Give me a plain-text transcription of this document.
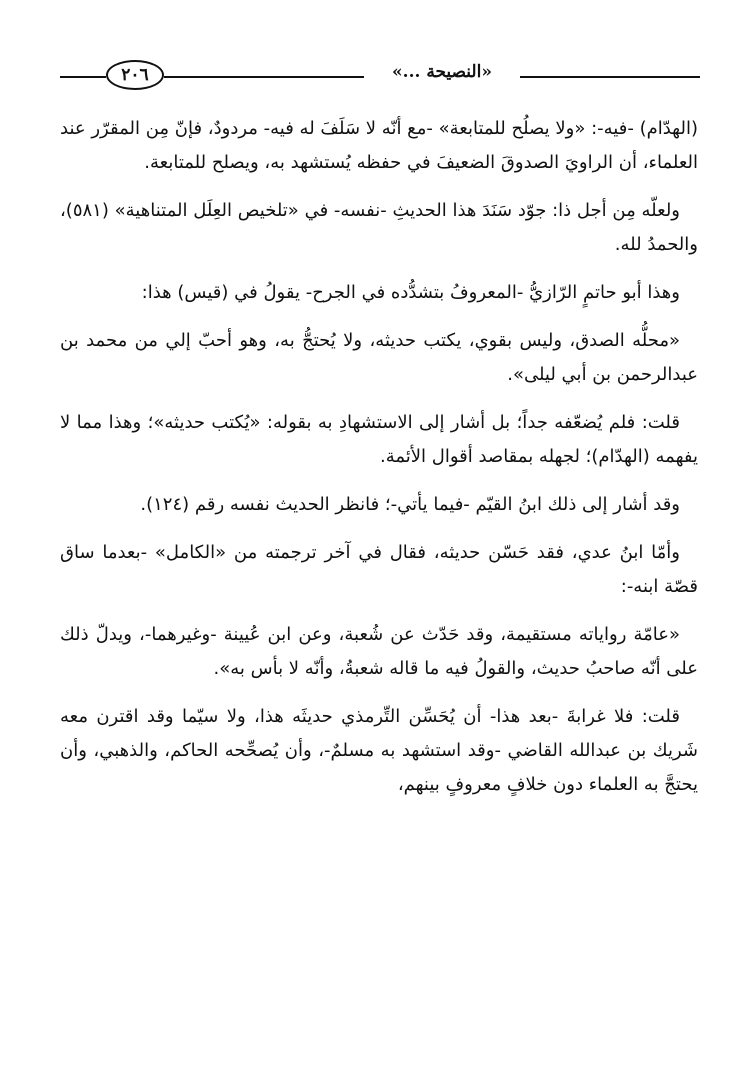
٢٠٦	«النصيحة ...»

(الهدّام) -فيه-: «ولا يصلُح للمتابعة» -مع أنّه لا سَلَفَ له فيه- مردودٌ، فإنّ مِن المقرّر عند العلماء، أن الراويَ الصدوقَ الضعيفَ في حفظه يُستشهد به، ويصلح للمتابعة.

ولعلّه مِن أجل ذا: جوّد سَنَدَ هذا الحديثِ -نفسه- في «تلخيص العِلَل المتناهية» (٥٨١)، والحمدُ لله.

وهذا أبو حاتمٍ الرّازيُّ -المعروفُ بتشدُّده في الجرح- يقولُ في (قيس) هذا:

«محلُّه الصدق، وليس بقوي، يكتب حديثه، ولا يُحتجُّ به، وهو أحبّ إلي من محمد بن عبدالرحمن بن أبي ليلى».

قلت: فلم يُضعّفه جداً؛ بل أشار إلى الاستشهادِ به بقوله: «يُكتب حديثه»؛ وهذا مما لا يفهمه (الهدّام)؛ لجهله بمقاصد أقوال الأئمة.

وقد أشار إلى ذلك ابنُ القيّم -فيما يأتي-؛ فانظر الحديث نفسه رقم (١٢٤).

وأمّا ابنُ عدي، فقد حَسّن حديثه، فقال في آخر ترجمته من «الكامل» -بعدما ساق قصّة ابنه-:

«عامّة رواياته مستقيمة، وقد حَدّث عن شُعبة، وعن ابن عُيينة -وغيرهما-، ويدلّ ذلك على أنّه صاحبُ حديث، والقولُ فيه ما قاله شعبةُ، وأنّه لا بأس به».

قلت: فلا غرابةَ -بعد هذا- أن يُحَسِّن التِّرمذي حديثَه هذا، ولا سيّما وقد اقترن معه شَريك بن عبدالله القاضي -وقد استشهد به مسلمٌ-، وأن يُصحِّحه الحاكم، والذهبي، وأن يحتجَّ به العلماء دون خلافٍ معروفٍ بينهم،
